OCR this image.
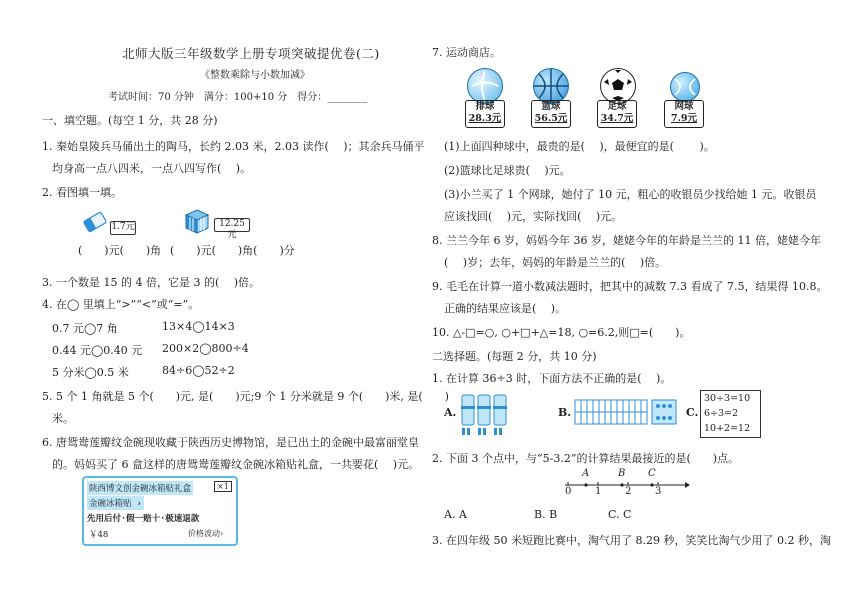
北师大版三年级数学上册专项突破提优卷(二)
《整数乘除与小数加减》
考试时间：70 分钟　满分：100+10 分　得分：________
一、填空题。(每空 1 分，共 28 分)
1. 秦始皇陵兵马俑出土的陶马，长约 2.03 米，2.03 读作(　 )；其余兵马俑平
均身高一点八四米，一点八四写作(　 )。
2. 看图填一填。
1.7元	12.25元
(　　)元(　　)角 (　　)元(　　)角(　　)分
3. 一个数是 15 的 4 倍，它是 3 的(　 )倍。
4. 在◯ 里填上“>”“<”或“=”。
0.7 元◯7 角	13×4◯14×3
0.44 元◯0.40 元 200×2◯800÷4
5 分米◯0.5 米	84÷6◯52÷2
5. 5 个 1 角就是 5 个(　　)元, 是(　　)元;9 个 1 分米就是 9 个(　　)米, 是(　　)
米。
6. 唐鸳鸯莲瓣纹金碗现收藏于陕西历史博物馆，是已出土的金碗中最富丽堂皇
的。妈妈买了 6 盒这样的唐鸳鸯莲瓣纹金碗冰箱贴礼盒，一共要花(　 )元。
陕西博文创金碗冰箱贴礼盒	×1
金碗冰箱贴 ›
先用后付·假一赔十·极速退款
￥48	价格波动›
7. 运动商店。
排球
28.3元
篮球
56.5元
足球
34.7元
网球
7.9元
(1)上面四种球中，最贵的是(　 )，最便宜的是(　　 )。
(2)篮球比足球贵(　 )元。
(3)小兰买了 1 个网球，她付了 10 元，粗心的收银员少找给她 1 元。收银员
应该找回(　 )元，实际找回(　 )元。
8. 兰兰今年 6 岁，妈妈今年 36 岁，姥姥今年的年龄是兰兰的 11 倍，姥姥今年
(　 )岁；去年，妈妈的年龄是兰兰的(　 )倍。
9. 毛毛在计算一道小数减法题时，把其中的减数 7.3 看成了 7.5，结果得 10.8。
正确的结果应该是(　 )。
10. △-□=○, ○+□+△=18, ○=6.2,则□=(　　)。
二选择题。(每题 2 分，共 10 分)
1. 在计算 36÷3 时，下面方法不正确的是(　 )。
A.	B.	C.
30÷3=10
6÷3=2
10+2=12
2. 下面 3 个点中，与“5-3.2”的计算结果最接近的是(　　)点。
A	B C
0 1 2 3
A. A	B. B	C. C
3. 在四年级 50 米短跑比赛中，淘气用了 8.29 秒，笑笑比淘气少用了 0.2 秒，淘
